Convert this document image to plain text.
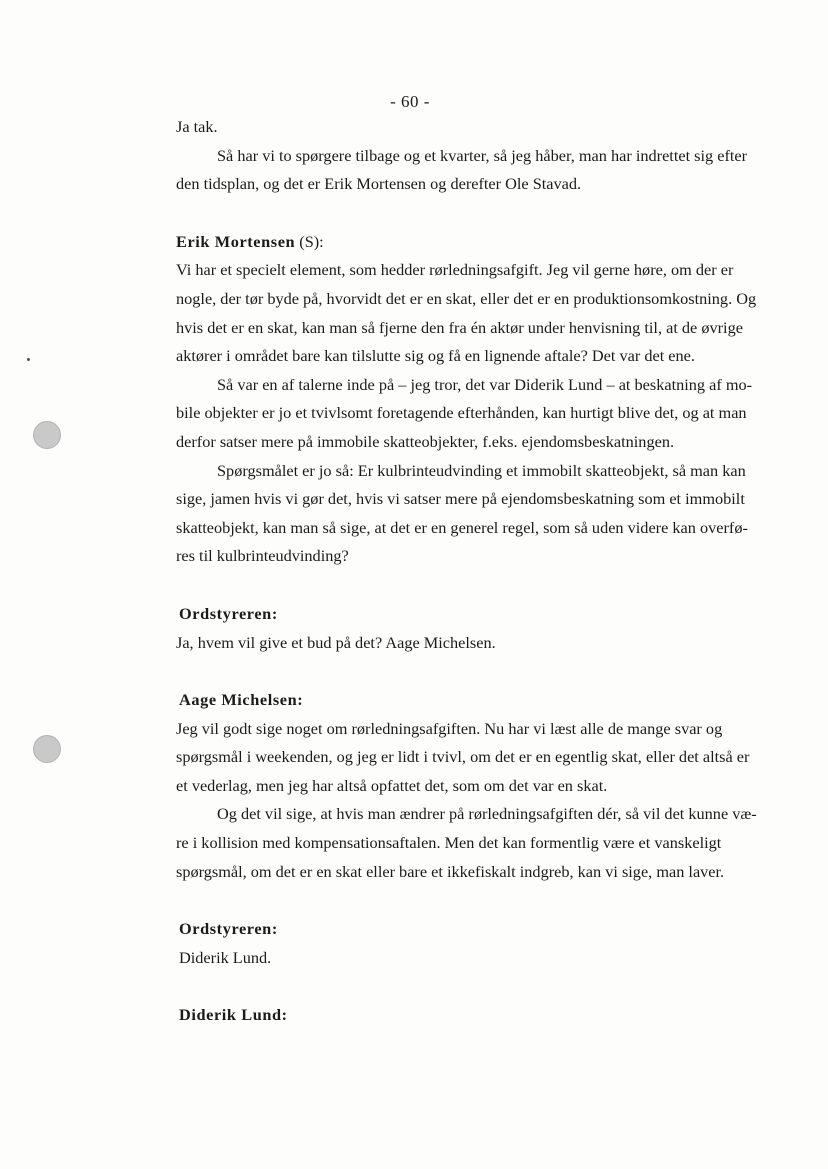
- 60 -
Ja tak.
Så har vi to spørgere tilbage og et kvarter, så jeg håber, man har indrettet sig efter
den tidsplan, og det er Erik Mortensen og derefter Ole Stavad.
Erik Mortensen (S):
Vi har et specielt element, som hedder rørledningsafgift. Jeg vil gerne høre, om der er
nogle, der tør byde på, hvorvidt det er en skat, eller det er en produktionsomkostning. Og
hvis det er en skat, kan man så fjerne den fra én aktør under henvisning til, at de øvrige
aktører i området bare kan tilslutte sig og få en lignende aftale? Det var det ene.
Så var en af talerne inde på – jeg tror, det var Diderik Lund – at beskatning af mo-
bile objekter er jo et tvivlsomt foretagende efterhånden, kan hurtigt blive det, og at man
derfor satser mere på immobile skatteobjekter, f.eks. ejendomsbeskatningen.
Spørgsmålet er jo så: Er kulbrinteudvinding et immobilt skatteobjekt, så man kan
sige, jamen hvis vi gør det, hvis vi satser mere på ejendomsbeskatning som et immobilt
skatteobjekt, kan man så sige, at det er en generel regel, som så uden videre kan overfø-
res til kulbrinteudvinding?
Ordstyreren:
Ja, hvem vil give et bud på det? Aage Michelsen.
Aage Michelsen:
Jeg vil godt sige noget om rørledningsafgiften. Nu har vi læst alle de mange svar og
spørgsmål i weekenden, og jeg er lidt i tvivl, om det er en egentlig skat, eller det altså er
et vederlag, men jeg har altså opfattet det, som om det var en skat.
Og det vil sige, at hvis man ændrer på rørledningsafgiften dér, så vil det kunne væ-
re i kollision med kompensationsaftalen. Men det kan formentlig være et vanskeligt
spørgsmål, om det er en skat eller bare et ikkefiskalt indgreb, kan vi sige, man laver.
Ordstyreren:
Diderik Lund.
Diderik Lund:
